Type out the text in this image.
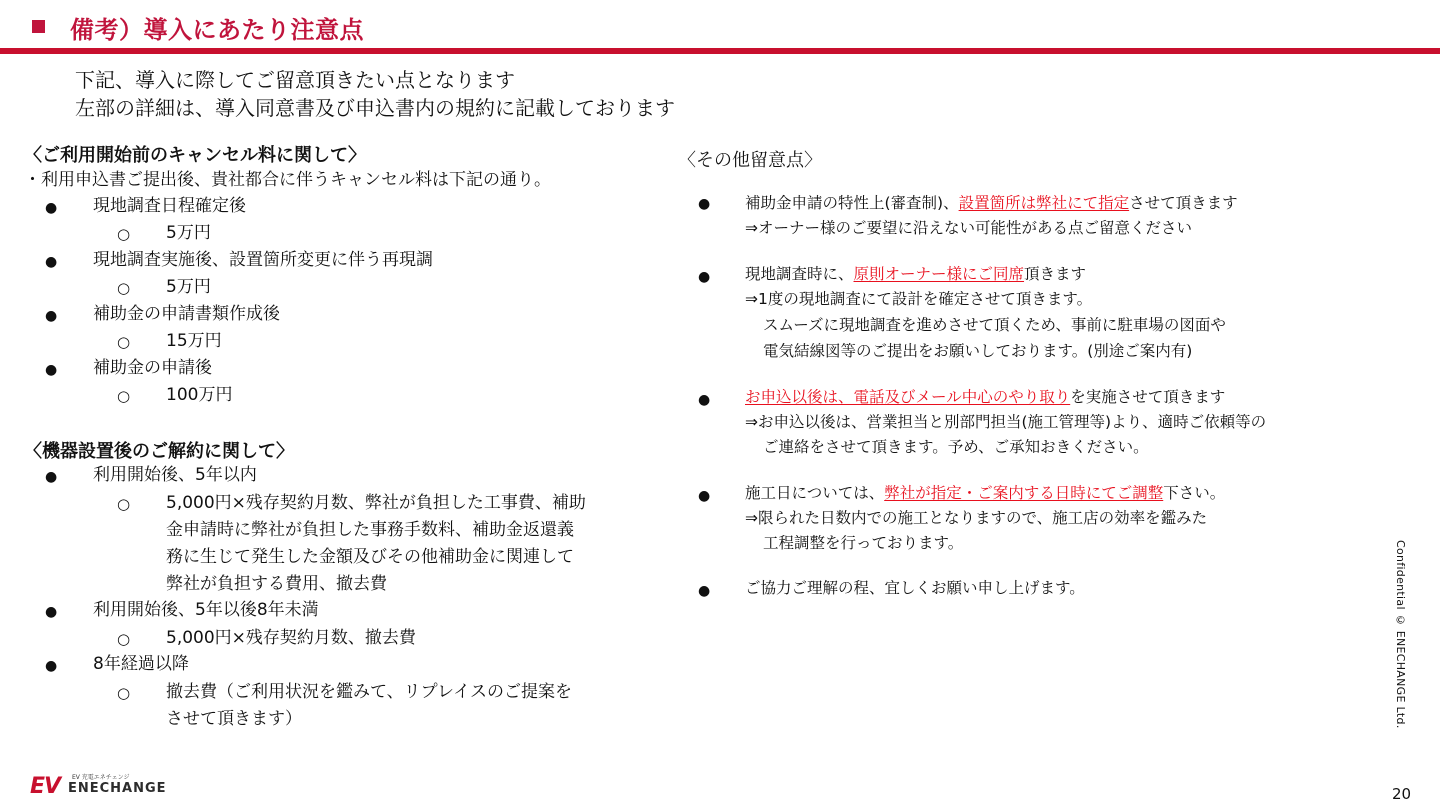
備考）導入にあたり注意点
下記、導入に際してご留意頂きたい点となります
左部の詳細は、導入同意書及び申込書内の規約に記載しております
〈ご利用開始前のキャンセル料に関して〉
・利用申込書ご提出後、貴社都合に伴うキャンセル料は下記の通り。
● 現地調査日程確定後
○ 5万円
● 現地調査実施後、設置箇所変更に伴う再現調
○ 5万円
● 補助金の申請書類作成後
○ 15万円
● 補助金の申請後
○ 100万円
〈機器設置後のご解約に関して〉
● 利用開始後、5年以内
○ 5,000円×残存契約月数、弊社が負担した工事費、補助
金申請時に弊社が負担した事務手数料、補助金返還義
務に生じて発生した金額及びその他補助金に関連して
弊社が負担する費用、撤去費
● 利用開始後、5年以後8年未満
○ 5,000円×残存契約月数、撤去費
● 8年経過以降
○ 撤去費（ご利用状況を鑑みて、リプレイスのご提案を
させて頂きます）
〈その他留意点〉
● 補助金申請の特性上(審査制)、設置箇所は弊社にて指定させて頂きます
⇒オーナー様のご要望に沿えない可能性がある点ご留意ください
● 現地調査時に、原則オーナー様にご同席頂きます
⇒1度の現地調査にて設計を確定させて頂きます。
スムーズに現地調査を進めさせて頂くため、事前に駐車場の図面や
電気結線図等のご提出をお願いしております。(別途ご案内有)
● お申込以後は、電話及びメール中心のやり取りを実施させて頂きます
⇒お申込以後は、営業担当と別部門担当(施工管理等)より、適時ご依頼等の
ご連絡をさせて頂きます。予め、ご承知おきください。
● 施工日については、弊社が指定・ご案内する日時にてご調整下さい。
⇒限られた日数内での施工となりますので、施工店の効率を鑑みた
工程調整を行っております。
● ご協力ご理解の程、宜しくお願い申し上げます。	Confidential © ENECHANGE Ltd.
20
EV EV 充電エネチェンジ
ENECHANGE
